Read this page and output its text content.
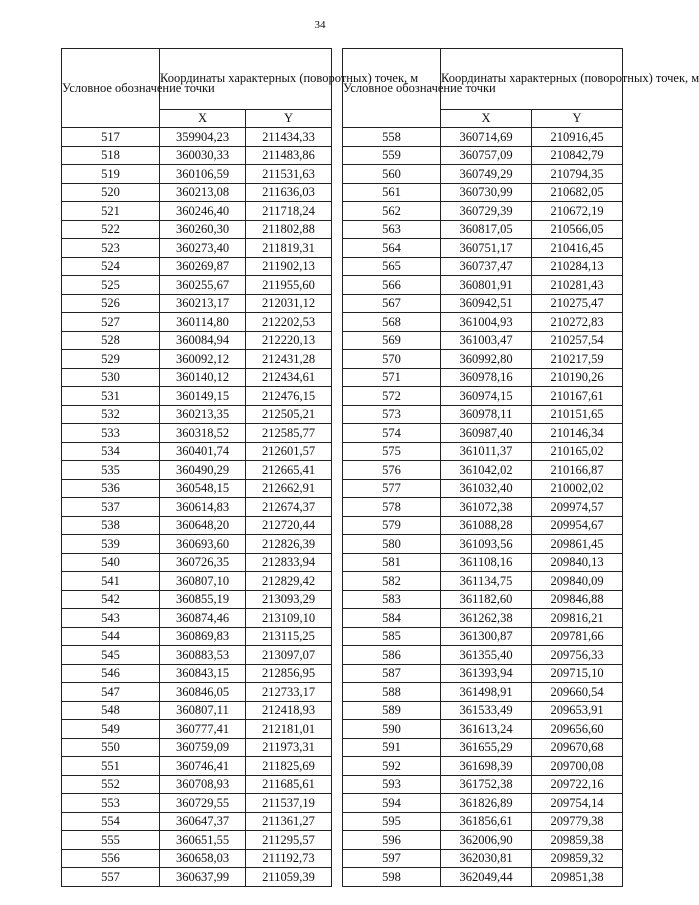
34
Условное обозначение точки	Координаты характерных (поворотных) точек, м	
	X	Y
517	359904,23	211434,33
518	360030,33	211483,86
519	360106,59	211531,63
520	360213,08	211636,03
521	360246,40	211718,24
522	360260,30	211802,88
523	360273,40	211819,31
524	360269,87	211902,13
525	360255,67	211955,60
526	360213,17	212031,12
527	360114,80	212202,53
528	360084,94	212220,13
529	360092,12	212431,28
530	360140,12	212434,61
531	360149,15	212476,15
532	360213,35	212505,21
533	360318,52	212585,77
534	360401,74	212601,57
535	360490,29	212665,41
536	360548,15	212662,91
537	360614,83	212674,37
538	360648,20	212720,44
539	360693,60	212826,39
540	360726,35	212833,94
541	360807,10	212829,42
542	360855,19	213093,29
543	360874,46	213109,10
544	360869,83	213115,25
545	360883,53	213097,07
546	360843,15	212856,95
547	360846,05	212733,17
548	360807,11	212418,93
549	360777,41	212181,01
550	360759,09	211973,31
551	360746,41	211825,69
552	360708,93	211685,61
553	360729,55	211537,19
554	360647,37	211361,27
555	360651,55	211295,57
556	360658,03	211192,73
557	360637,99	211059,39
Условное обозначение точки	Координаты характерных (поворотных) точек, м	
	X	Y
558	360714,69	210916,45
559	360757,09	210842,79
560	360749,29	210794,35
561	360730,99	210682,05
562	360729,39	210672,19
563	360817,05	210566,05
564	360751,17	210416,45
565	360737,47	210284,13
566	360801,91	210281,43
567	360942,51	210275,47
568	361004,93	210272,83
569	361003,47	210257,54
570	360992,80	210217,59
571	360978,16	210190,26
572	360974,15	210167,61
573	360978,11	210151,65
574	360987,40	210146,34
575	361011,37	210165,02
576	361042,02	210166,87
577	361032,40	210002,02
578	361072,38	209974,57
579	361088,28	209954,67
580	361093,56	209861,45
581	361108,16	209840,13
582	361134,75	209840,09
583	361182,60	209846,88
584	361262,38	209816,21
585	361300,87	209781,66
586	361355,40	209756,33
587	361393,94	209715,10
588	361498,91	209660,54
589	361533,49	209653,91
590	361613,24	209656,60
591	361655,29	209670,68
592	361698,39	209700,08
593	361752,38	209722,16
594	361826,89	209754,14
595	361856,61	209779,38
596	362006,90	209859,38
597	362030,81	209859,32
598	362049,44	209851,38
